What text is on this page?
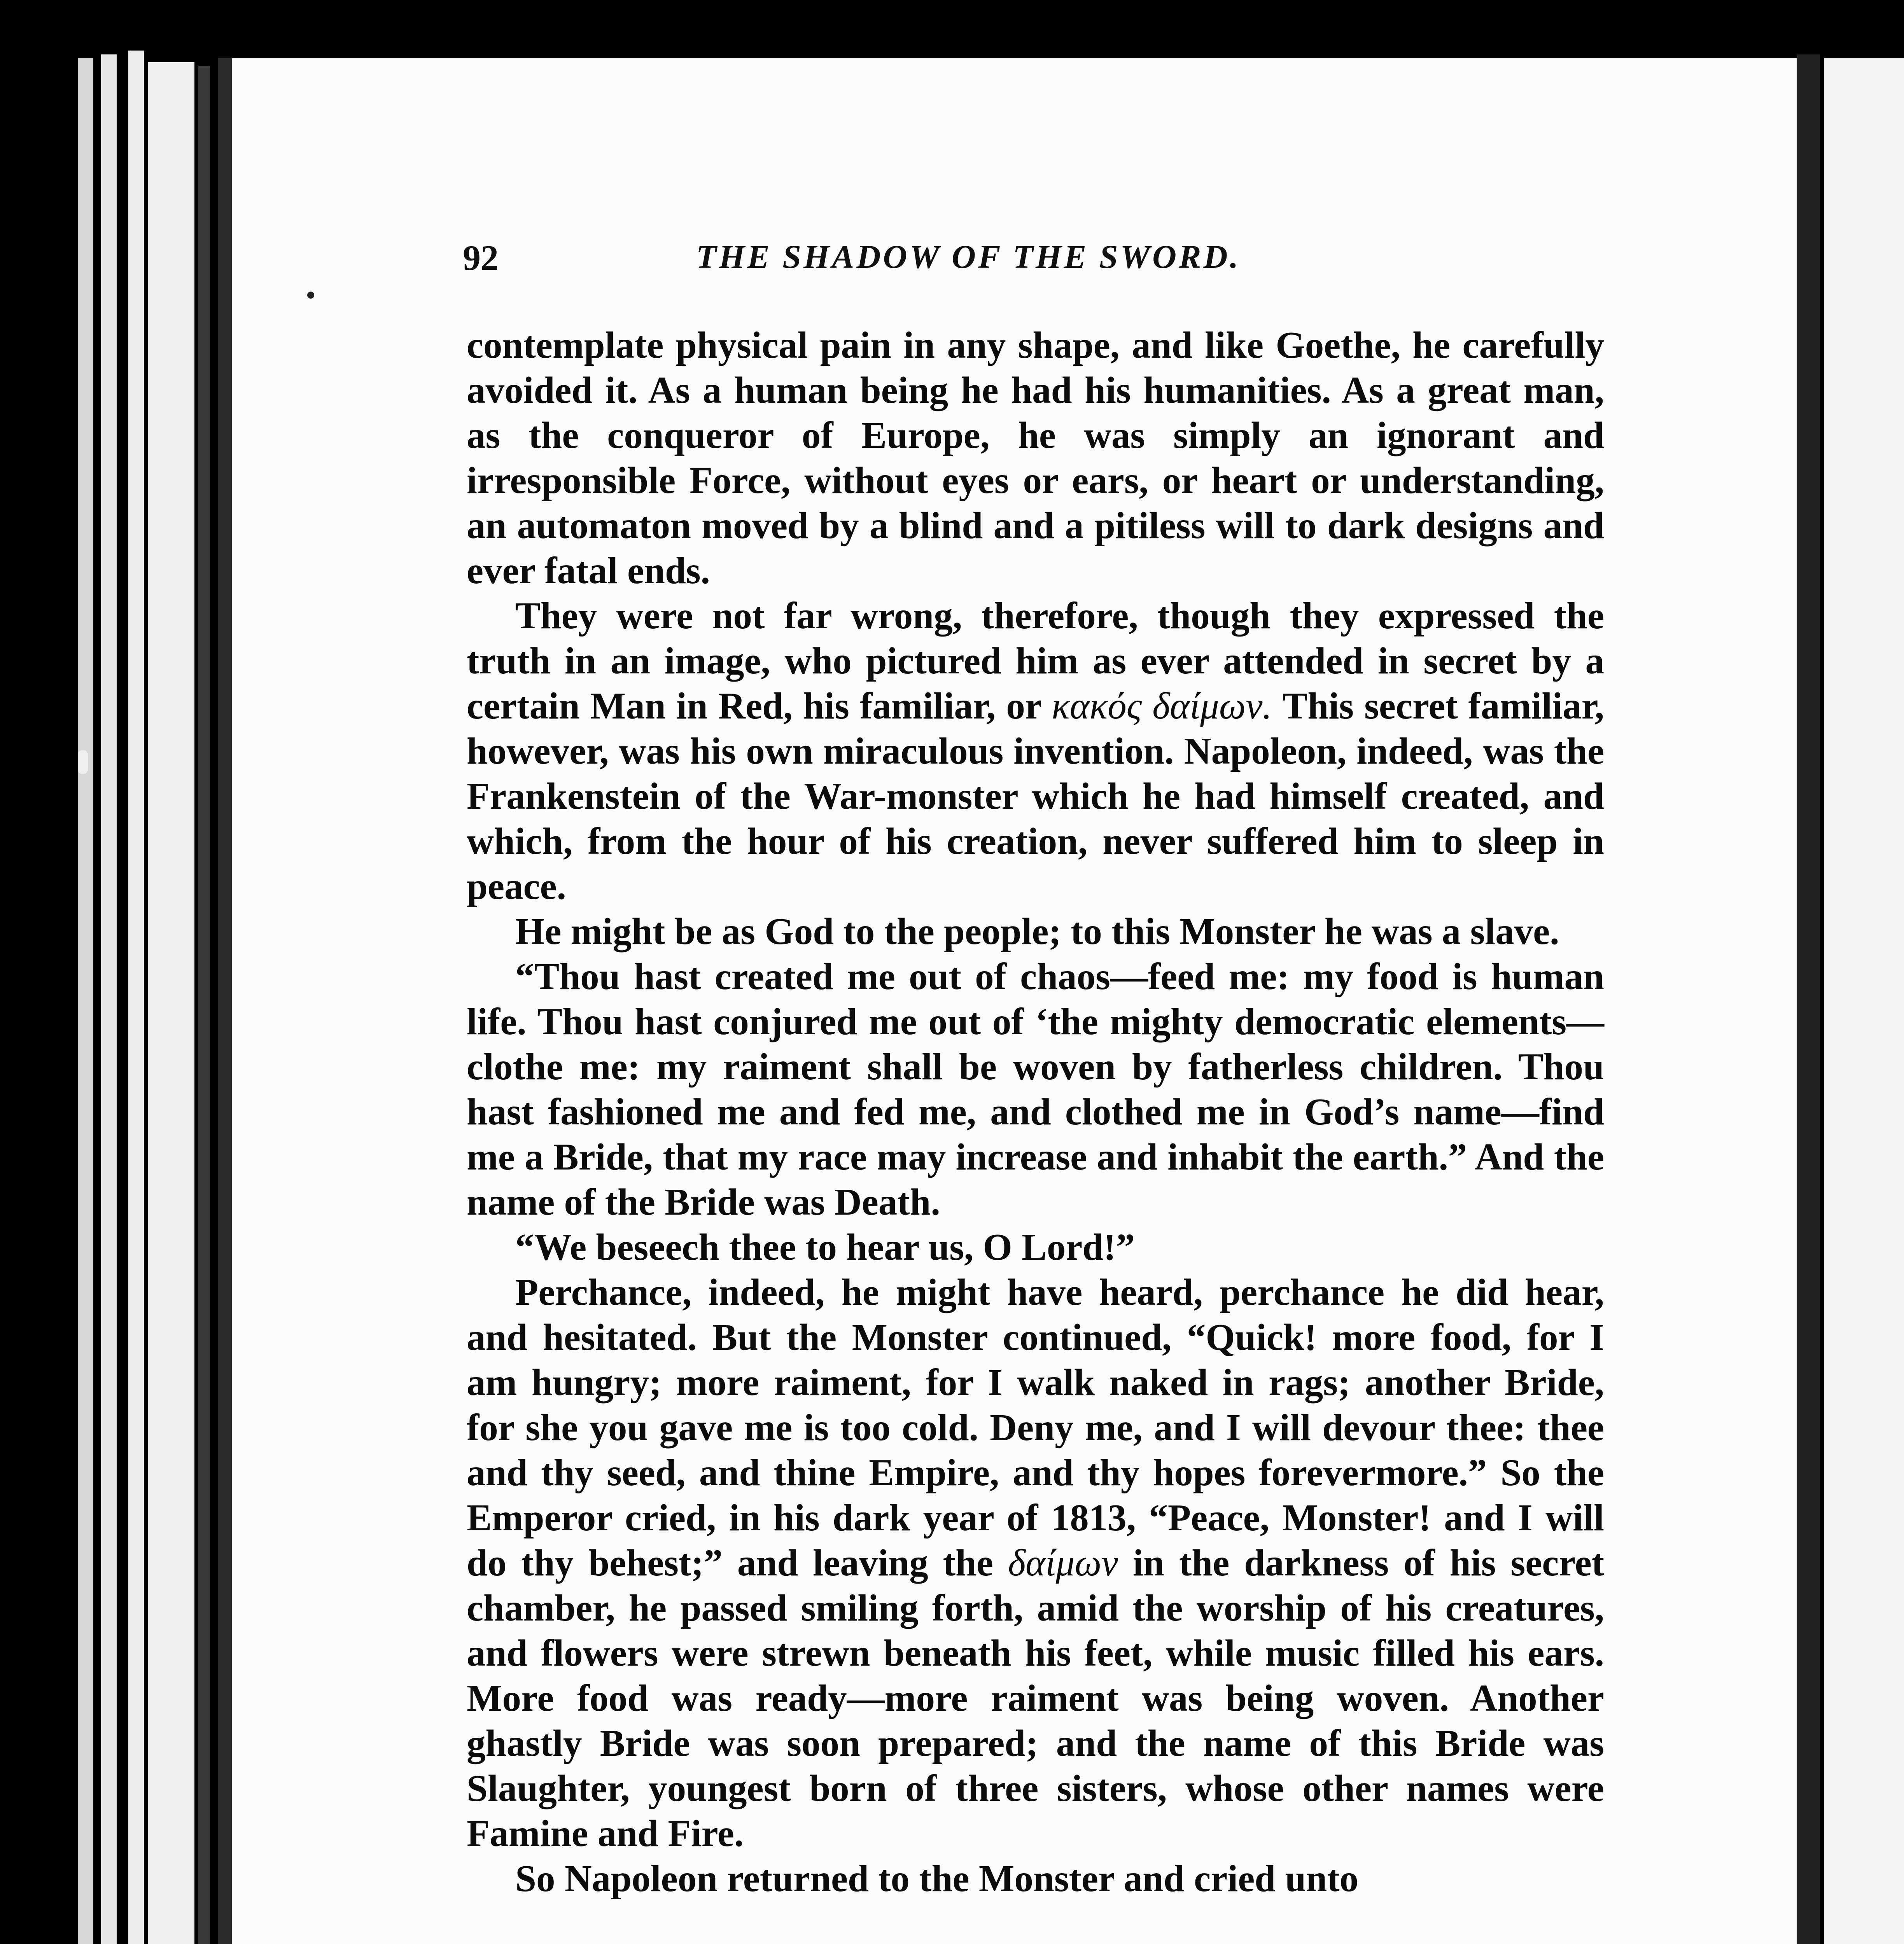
92	THE SHADOW OF THE SWORD.

contemplate physical pain in any shape, and like Goethe, he carefully avoided it. As a human being he had his humanities. As a great man, as the conqueror of Europe, he was simply an ignorant and irresponsible Force, without eyes or ears, or heart or understanding, an automaton moved by a blind and a pitiless will to dark designs and ever fatal ends.

They were not far wrong, therefore, though they expressed the truth in an image, who pictured him as ever attended in secret by a certain Man in Red, his familiar, or κακός δαίμων. This secret familiar, however, was his own miraculous invention. Napoleon, indeed, was the Frankenstein of the War-monster which he had himself created, and which, from the hour of his creation, never suffered him to sleep in peace.

He might be as God to the people; to this Monster he was a slave.

“Thou hast created me out of chaos—feed me: my food is human life. Thou hast conjured me out of ‘the mighty democratic elements—clothe me: my raiment shall be woven by fatherless children. Thou hast fashioned me and fed me, and clothed me in God’s name—find me a Bride, that my race may increase and inhabit the earth.” And the name of the Bride was Death.

“We beseech thee to hear us, O Lord!”

Perchance, indeed, he might have heard, perchance he did hear, and hesitated. But the Monster continued, “Quick! more food, for I am hungry; more raiment, for I walk naked in rags; another Bride, for she you gave me is too cold. Deny me, and I will devour thee: thee and thy seed, and thine Empire, and thy hopes forevermore.” So the Emperor cried, in his dark year of 1813, “Peace, Monster! and I will do thy behest;” and leaving the δαίμων in the darkness of his secret chamber, he passed smiling forth, amid the worship of his creatures, and flowers were strewn beneath his feet, while music filled his ears. More food was ready—more raiment was being woven. Another ghastly Bride was soon prepared; and the name of this Bride was Slaughter, youngest born of three sisters, whose other names were Famine and Fire.

So Napoleon returned to the Monster and cried unto
